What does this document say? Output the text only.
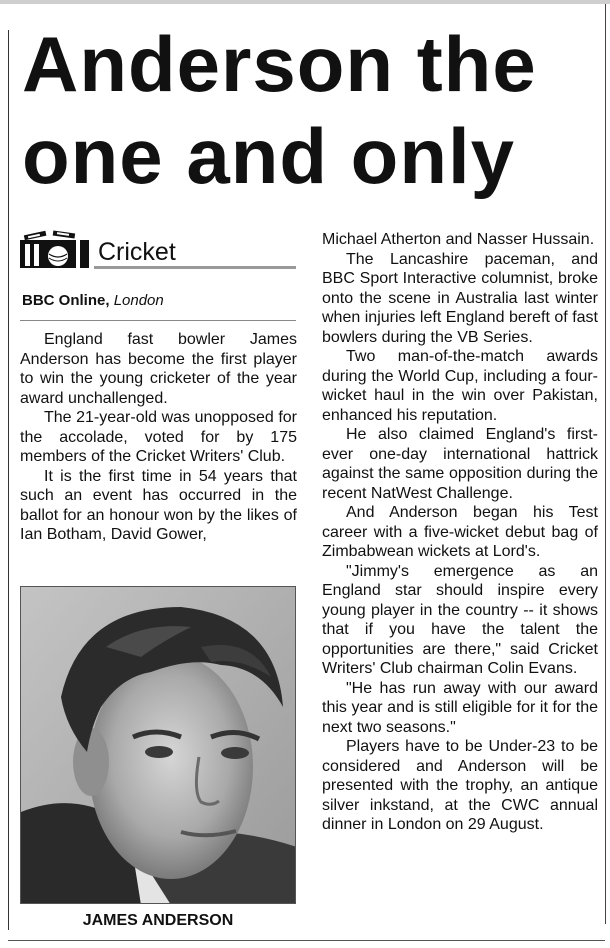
Anderson the one and only
Cricket
BBC Online, London

England fast bowler James Anderson has become the first player to win the young cricketer of the year award unchallenged.

The 21-year-old was unopposed for the accolade, voted for by 175 members of the Cricket Writers' Club.

It is the first time in 54 years that such an event has occurred in the ballot for an honour won by the likes of Ian Botham, David Gower,

JAMES ANDERSON

Michael Atherton and Nasser Hussain.

The Lancashire paceman, and BBC Sport Interactive columnist, broke onto the scene in Australia last winter when injuries left England bereft of fast bowlers during the VB Series.

Two man-of-the-match awards during the World Cup, including a four-wicket haul in the win over Pakistan, enhanced his reputation.

He also claimed England's first-ever one-day international hattrick against the same opposition during the recent NatWest Challenge.

And Anderson began his Test career with a five-wicket debut bag of Zimbabwean wickets at Lord's.

"Jimmy's emergence as an England star should inspire every young player in the country -- it shows that if you have the talent the opportunities are there," said Cricket Writers' Club chairman Colin Evans.

"He has run away with our award this year and is still eligible for it for the next two seasons."

Players have to be Under-23 to be considered and Anderson will be presented with the trophy, an antique silver inkstand, at the CWC annual dinner in London on 29 August.
